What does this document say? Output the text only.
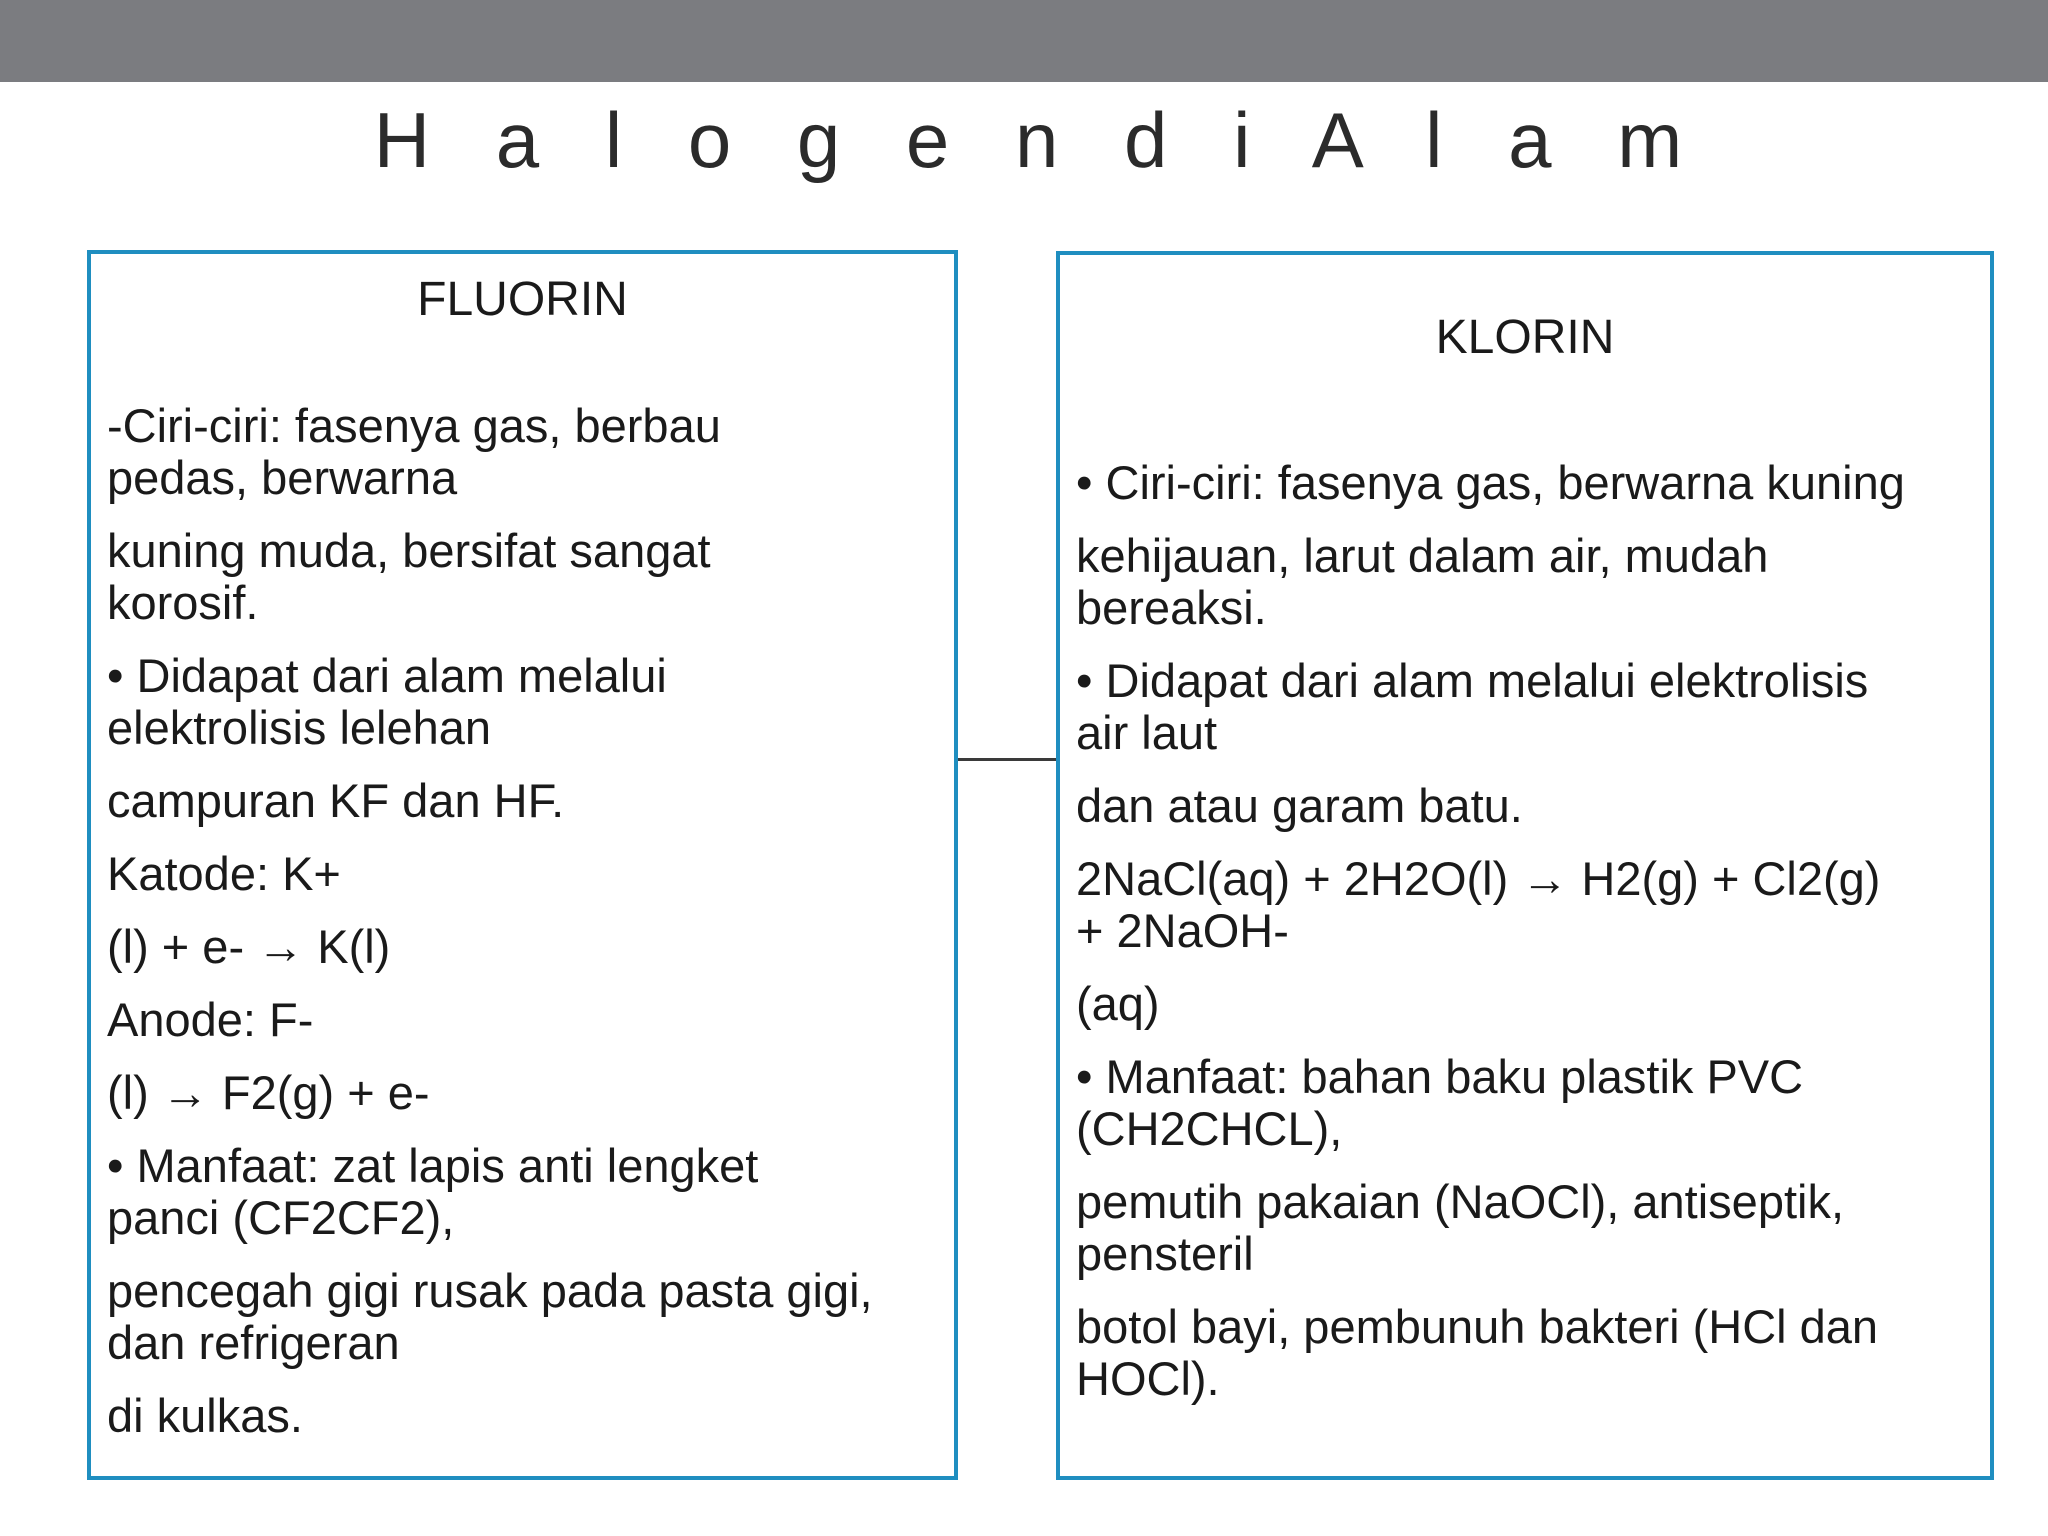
H a l o g e n d i A l a m
FLUORIN
-Ciri-ciri: fasenya gas, berbau
pedas, berwarna
kuning muda, bersifat sangat
korosif.
• Didapat dari alam melalui
elektrolisis lelehan
campuran KF dan HF.
Katode: K+
(l) + e- → K(l)
Anode: F-
(l) → F2(g) + e-
• Manfaat: zat lapis anti lengket
panci (CF2CF2),
pencegah gigi rusak pada pasta gigi,
dan refrigeran
di kulkas.
KLORIN
• Ciri-ciri: fasenya gas, berwarna kuning
kehijauan, larut dalam air, mudah
bereaksi.
• Didapat dari alam melalui elektrolisis
air laut
dan atau garam batu.
2NaCl(aq) + 2H2O(l) → H2(g) + Cl2(g)
+ 2NaOH-
(aq)
• Manfaat: bahan baku plastik PVC
(CH2CHCL),
pemutih pakaian (NaOCl), antiseptik,
pensteril
botol bayi, pembunuh bakteri (HCl dan
HOCl).
